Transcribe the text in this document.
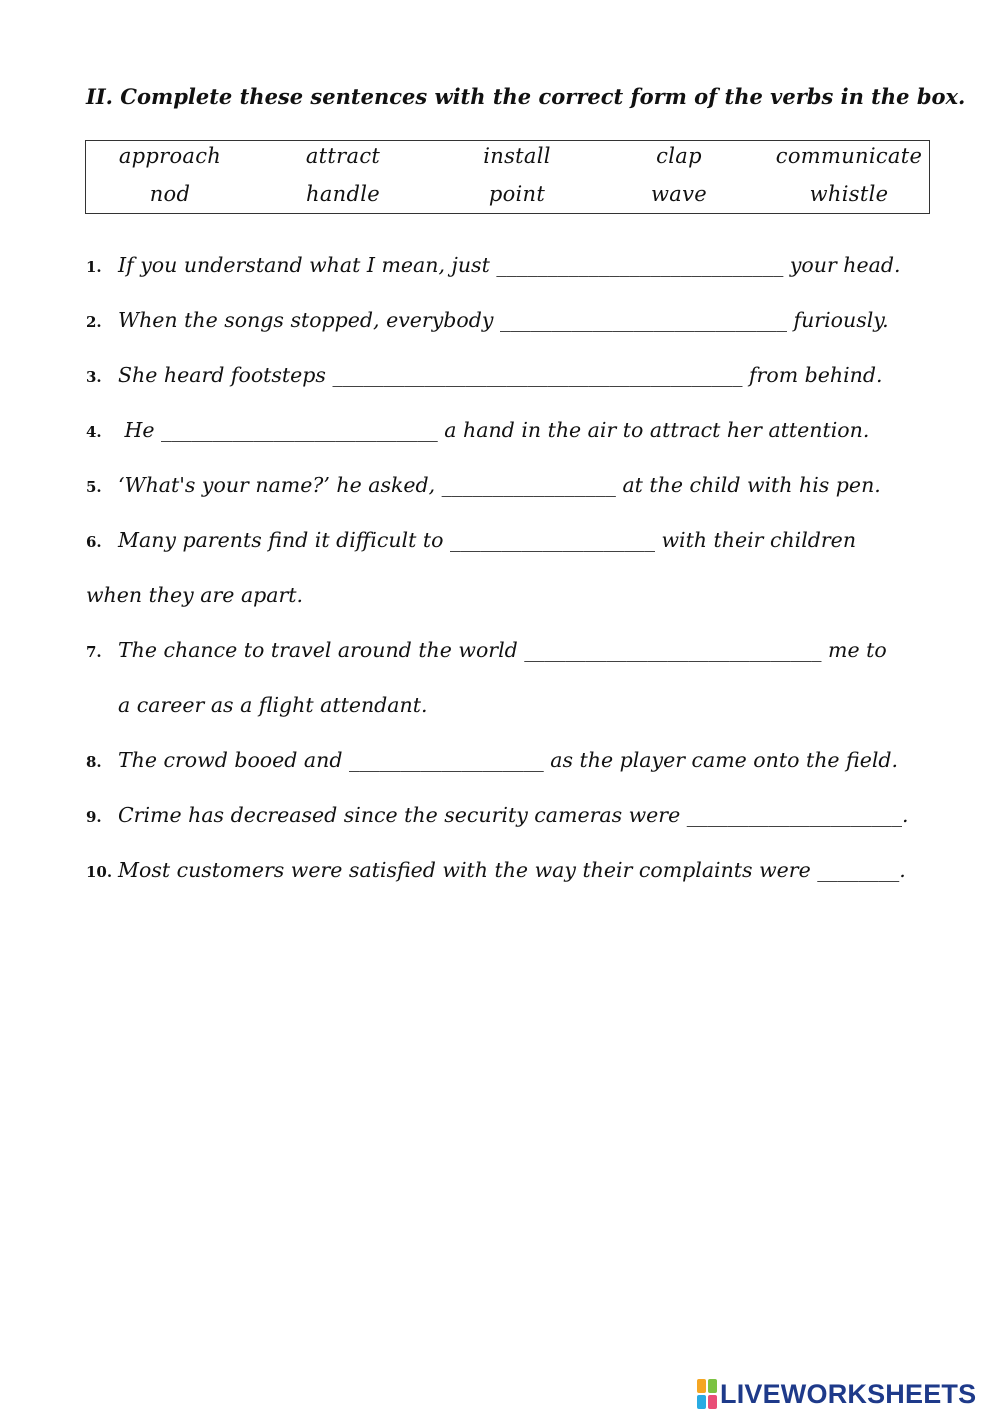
II. Complete these sentences with the correct form of the verbs in the box.
approach	attract	install	clap	communicate
nod	handle	point	wave	whistle
1. If you understand what I mean, just ____________________________ your head.
2. When the songs stopped, everybody ____________________________ furiously.
3. She heard footsteps ________________________________________ from behind.
4. He ___________________________ a hand in the air to attract her attention.
5. ‘What's your name?’ he asked, _________________ at the child with his pen.
6. Many parents find it difficult to ____________________ with their children
when they are apart.
7. The chance to travel around the world _____________________________ me to
a career as a flight attendant.
8. The crowd booed and ___________________ as the player came onto the field.
9. Crime has decreased since the security cameras were _____________________.
10. Most customers were satisfied with the way their complaints were ________.
LIVEWORKSHEETS
